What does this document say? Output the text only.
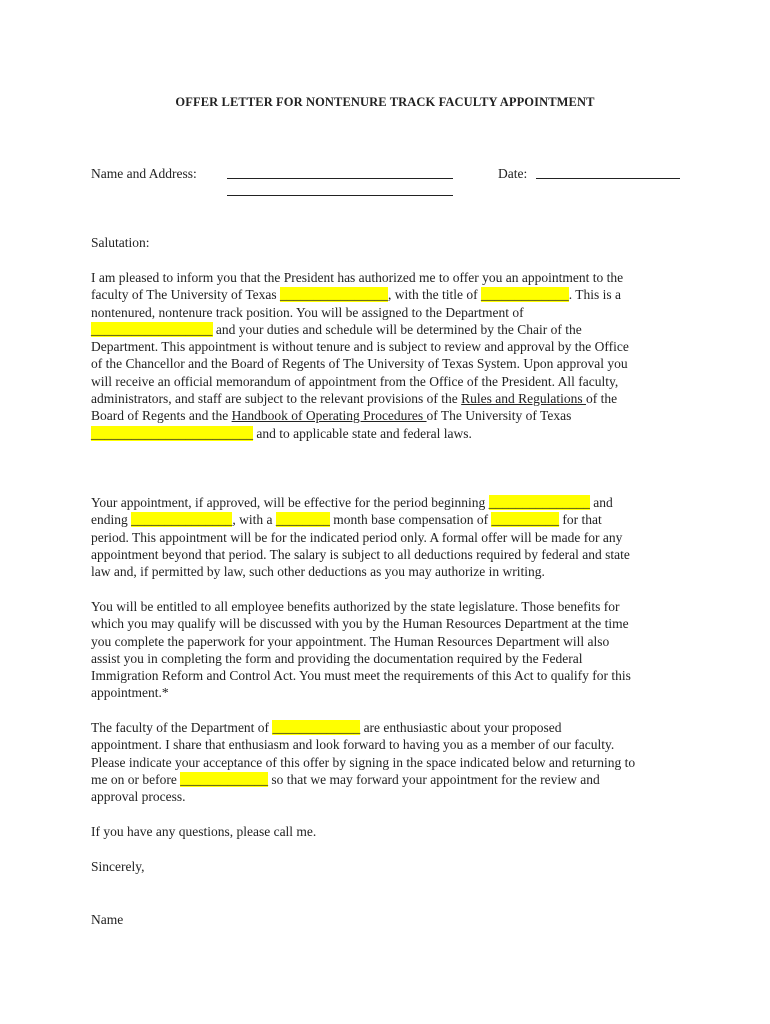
OFFER LETTER FOR NONTENURE TRACK FACULTY APPOINTMENT
Name and Address:	Date:
Salutation:
I am pleased to inform you that the President has authorized me to offer you an appointment to the
faculty of The University of Texas ________________, with the title of _____________. This is a
nontenured, nontenure track position. You will be assigned to the Department of
__________________ and your duties and schedule will be determined by the Chair of the
Department. This appointment is without tenure and is subject to review and approval by the Office
of the Chancellor and the Board of Regents of The University of Texas System. Upon approval you
will receive an official memorandum of appointment from the Office of the President. All faculty,
administrators, and staff are subject to the relevant provisions of the Rules and Regulations of the
Board of Regents and the Handbook of Operating Procedures of The University of Texas
________________________ and to applicable state and federal laws.
Your appointment, if approved, will be effective for the period beginning _______________ and
ending _______________, with a ________ month base compensation of __________ for that
period. This appointment will be for the indicated period only. A formal offer will be made for any
appointment beyond that period. The salary is subject to all deductions required by federal and state
law and, if permitted by law, such other deductions as you may authorize in writing.
You will be entitled to all employee benefits authorized by the state legislature. Those benefits for
which you may qualify will be discussed with you by the Human Resources Department at the time
you complete the paperwork for your appointment. The Human Resources Department will also
assist you in completing the form and providing the documentation required by the Federal
Immigration Reform and Control Act. You must meet the requirements of this Act to qualify for this
appointment.*
The faculty of the Department of _____________ are enthusiastic about your proposed
appointment. I share that enthusiasm and look forward to having you as a member of our faculty.
Please indicate your acceptance of this offer by signing in the space indicated below and returning to
me on or before _____________ so that we may forward your appointment for the review and
approval process.
If you have any questions, please call me.
Sincerely,
Name
